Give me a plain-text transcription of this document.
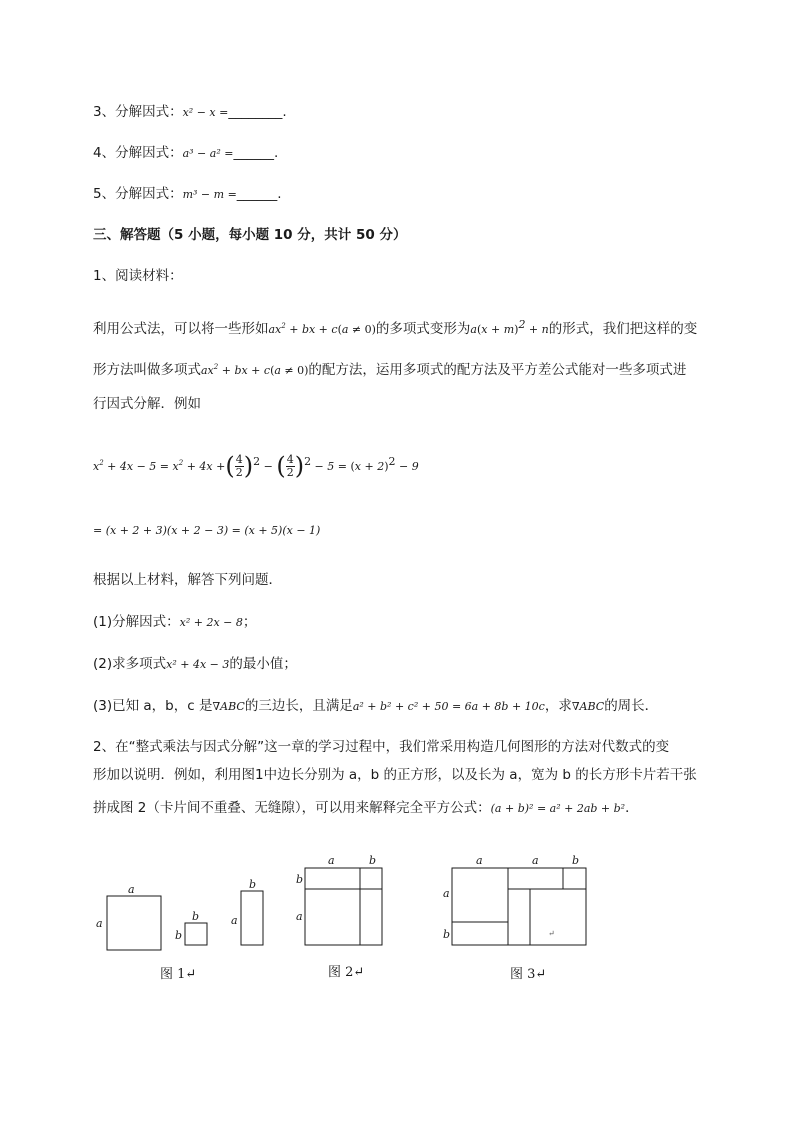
3、分解因式：x² − x =________.
4、分解因式：a³ − a² =______.
5、分解因式：m³ − m =______.
三、解答题（5 小题，每小题 10 分，共计 50 分）
1、阅读材料：
利用公式法，可以将一些形如$ax^2$ + bx + c(a ≠ 0)的多项式变形为$a(x + m)^2 + n$的形式，我们把这样的变
形方法叫做多项式$ax^2$ + bx + c(a ≠ 0)的配方法，运用多项式的配方法及平方差公式能对一些多项式进
行因式分解．例如
$x^2 + 4x - 5 = x^2 + 4x$ +( $\frac{4}{2} )^2$ − ( $\frac{4}{2} )^2 - 5 = (x + 2)^2 - 9$
= (x + 2 + 3)(x + 2 − 3) = (x + 5)(x − 1)
根据以上材料，解答下列问题．
(1)分解因式：x² + 2x − 8；
(2)求多项式x² + 4x − 3的最小值；
(3)已知 a，b，c 是∇ABC的三边长，且满足a² + b² + c² + 50 = 6a + 8b + 10c，求∇ABC的周长．
2、在“整式乘法与因式分解”这一章的学习过程中，我们常采用构造几何图形的方法对代数式的变
形加以说明．例如，利用图1中边长分别为 a，b 的正方形，以及长为 a，宽为 b 的长方形卡片若干张
拼成图 2（卡片间不重叠、无缝隙），可以用来解释完全平方公式：(a + b)² = a² + 2ab + b²．
a
a
b
b
b
a
a	b
b
a
a	a	b
a
b	↵
图 1↵	图 2↵	图 3↵
